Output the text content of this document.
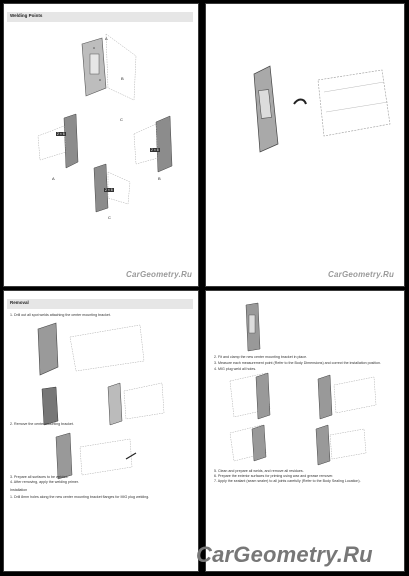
Welding Points
A
B
C
2 × 6
A
2 × 6
B
2 × 6
C
CarGeometry.Ru	CarGeometry.Ru
Removal
1. Drill out all spot welds attaching the center mounting bracket.
2. Remove the center mounting bracket.
3. Prepare all surfaces to be welded.
4. After removing, apply the welding primer.
Installation
1. Drill 8mm holes along the new center mounting bracket flanges for MIG plug welding.
2. Fit and clamp the new center mounting bracket in place.
3. Measure each measurement point (Refer to the Body Dimensions) and correct the installation position.
4. MIG plug weld all holes.
5. Clean and prepare all welds, and remove all residues.
6. Prepare the exterior surfaces for priming using wax and grease remover.
7. Apply the sealant (seam sealer) to all joints carefully (Refer to the Body Sealing Location).
CarGeometry.Ru
